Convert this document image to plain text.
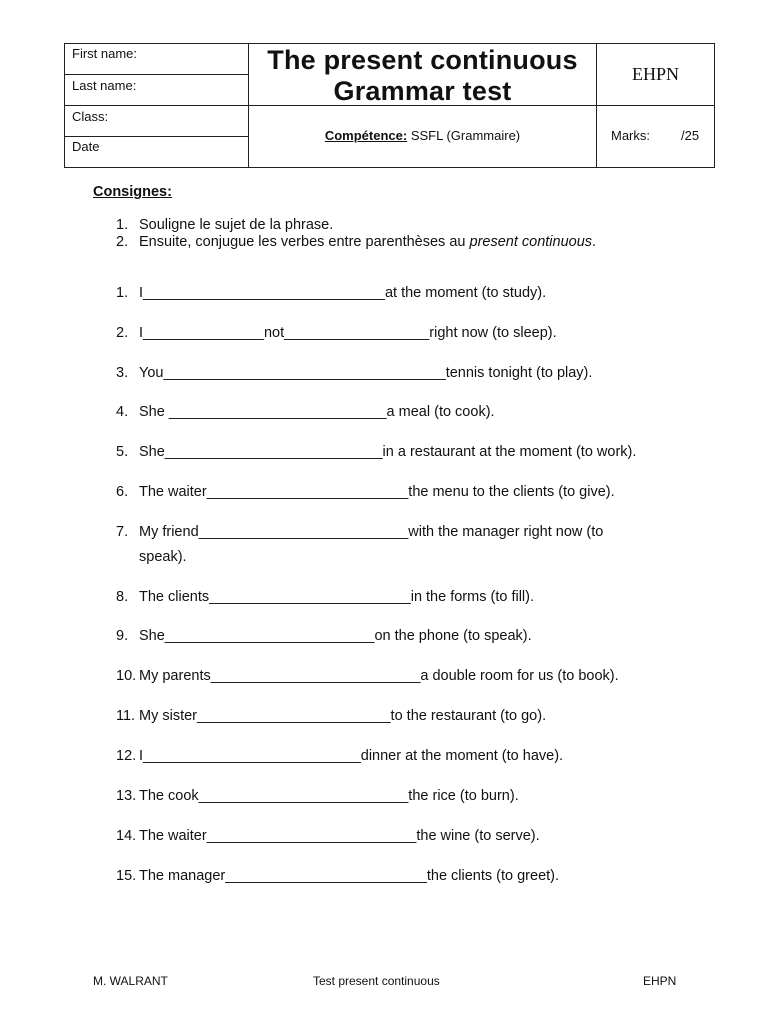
First name:
Last name:
Class:
Date
The present continuous
Grammar test
EHPN
Compétence: SSFL (Grammaire)	Marks: /25
Consignes:
1. Souligne le sujet de la phrase.
2. Ensuite, conjugue les verbes entre parenthèses au present continuous.
1. I______________________________at the moment (to study).
2. I_______________not__________________right now (to sleep).
3. You___________________________________tennis tonight (to play).
4. She ___________________________a meal (to cook).
5. She___________________________in a restaurant at the moment (to work).
6. The waiter_________________________the menu to the clients (to give).
7. My friend__________________________with the manager right now (to
speak).
8. The clients_________________________in the forms (to fill).
9. She__________________________on the phone (to speak).
10. My parents__________________________a double room for us (to book).
11. My sister________________________to the restaurant (to go).
12. I___________________________dinner at the moment (to have).
13. The cook__________________________the rice (to burn).
14. The waiter__________________________the wine (to serve).
15. The manager_________________________the clients (to greet).
M. WALRANT	Test present continuous	EHPN
